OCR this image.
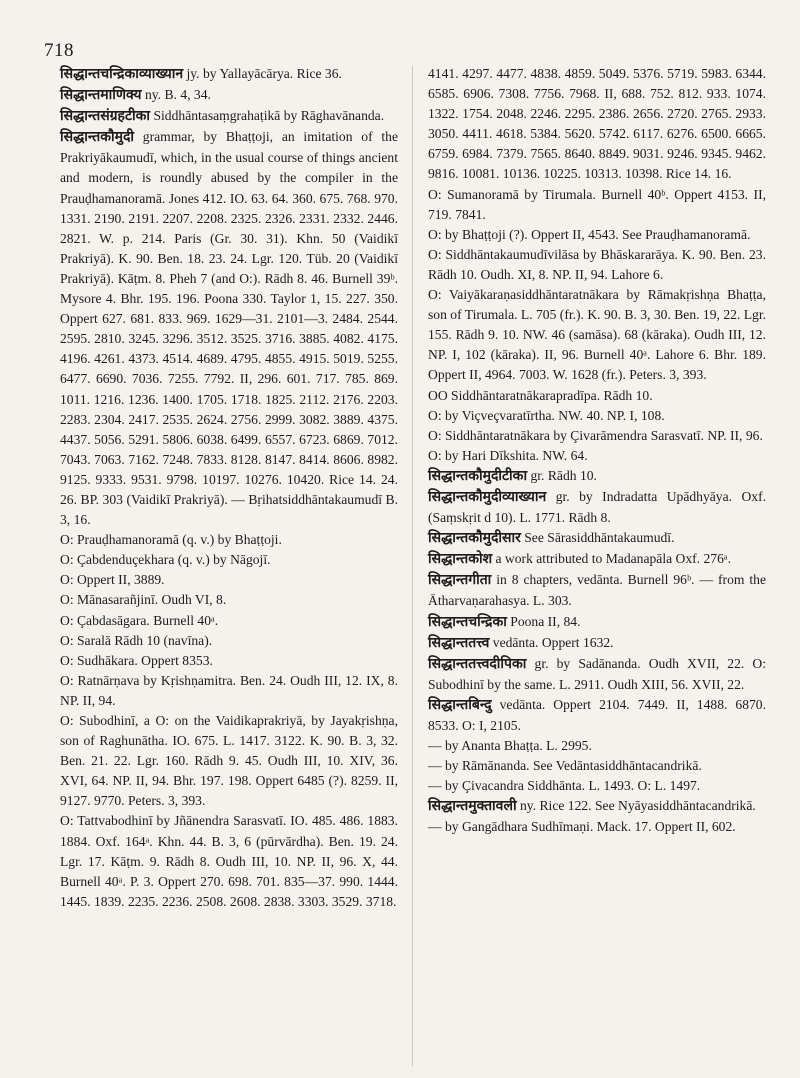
718

सिद्धान्तचन्द्रिकाव्याख्यान jy. by Yallayācārya. Rice 36.

सिद्धान्तमाणिक्य ny. B. 4, 34.

सिद्धान्तसंग्रहटीका Siddhāntasaṃgrahaṭikā by Rāghavānanda.

सिद्धान्तकौमुदी grammar, by Bhaṭṭoji, an imitation of the Prakriyākaumudī, which, in the usual course of things ancient and modern, is roundly abused by the compiler in the Prauḍhamanoramā. Jones 412. IO. 63. 64. 360. 675. 768. 970. 1331. 2190. 2191. 2207. 2208. 2325. 2326. 2331. 2332. 2446. 2821. W. p. 214. Paris (Gr. 30. 31). Khn. 50 (Vaidikī Prakriyā). K. 90. Ben. 18. 23. 24. Lgr. 120. Tüb. 20 (Vaidikī Prakriyā). Kāṭm. 8. Pheh 7 (and O:). Rādh 8. 46. Burnell 39ᵇ. Mysore 4. Bhr. 195. 196. Poona 330. Taylor 1, 15. 227. 350. Oppert 627. 681. 833. 969. 1629—31. 2101—3. 2484. 2544. 2595. 2810. 3245. 3296. 3512. 3525. 3716. 3885. 4082. 4175. 4196. 4261. 4373. 4514. 4689. 4795. 4855. 4915. 5019. 5255. 6477. 6690. 7036. 7255. 7792. II, 296. 601. 717. 785. 869. 1011. 1216. 1236. 1400. 1705. 1718. 1825. 2112. 2176. 2203. 2283. 2304. 2417. 2535. 2624. 2756. 2999. 3082. 3889. 4375. 4437. 5056. 5291. 5806. 6038. 6499. 6557. 6723. 6869. 7012. 7043. 7063. 7162. 7248. 7833. 8128. 8147. 8414. 8606. 8982. 9125. 9333. 9531. 9798. 10197. 10276. 10420. Rice 14. 24. 26. BP. 303 (Vaidikī Prakriyā). — Bṛihatsiddhāntakaumudī B. 3, 16.

O: Prauḍhamanoramā (q. v.) by Bhaṭṭoji.

O: Çabdenduçekhara (q. v.) by Nāgojī.

O: Oppert II, 3889.

O: Mānasarañjinī. Oudh VI, 8.

O: Çabdasāgara. Burnell 40ᵃ.

O: Saralā Rādh 10 (navīna).

O: Sudhākara. Oppert 8353.

O: Ratnārṇava by Kṛishṇamitra. Ben. 24. Oudh III, 12. IX, 8. NP. II, 94.

O: Subodhinī, a O: on the Vaidikaprakriyā, by Jayakṛishṇa, son of Raghunātha. IO. 675. L. 1417. 3122. K. 90. B. 3, 32. Ben. 21. 22. Lgr. 160. Rādh 9. 45. Oudh III, 10. XIV, 36. XVI, 64. NP. II, 94. Bhr. 197. 198. Oppert 6485 (?). 8259. II, 9127. 9770. Peters. 3, 393.

O: Tattvabodhinī by Jñānendra Sarasvatī. IO. 485. 486. 1883. 1884. Oxf. 164ᵃ. Khn. 44. B. 3, 6 (pūrvārdha). Ben. 19. 24. Lgr. 17. Kāṭm. 9. Rādh 8. Oudh III, 10. NP. II, 96. X, 44. Burnell 40ᵃ. P. 3. Oppert 270. 698. 701. 835—37. 990. 1444. 1445. 1839. 2235. 2236. 2508. 2608. 2838. 3303. 3529. 3718.

4141. 4297. 4477. 4838. 4859. 5049. 5376. 5719. 5983. 6344. 6585. 6906. 7308. 7756. 7968. II, 688. 752. 812. 933. 1074. 1322. 1754. 2048. 2246. 2295. 2386. 2656. 2720. 2765. 2933. 3050. 4411. 4618. 5384. 5620. 5742. 6117. 6276. 6500. 6665. 6759. 6984. 7379. 7565. 8640. 8849. 9031. 9246. 9345. 9462. 9816. 10081. 10136. 10225. 10313. 10398. Rice 14. 16.

O: Sumanoramā by Tirumala. Burnell 40ᵇ. Oppert 4153. II, 719. 7841.

O: by Bhaṭṭoji (?). Oppert II, 4543. See Prauḍhamanoramā.

O: Siddhāntakaumudīvilāsa by Bhāskararāya. K. 90. Ben. 23. Rādh 10. Oudh. XI, 8. NP. II, 94. Lahore 6.

O: Vaiyākaraṇasiddhāntaratnākara by Rāmakṛishṇa Bhaṭṭa, son of Tirumala. L. 705 (fr.). K. 90. B. 3, 30. Ben. 19, 22. Lgr. 155. Rādh 9. 10. NW. 46 (samāsa). 68 (kāraka). Oudh III, 12. NP. I, 102 (kāraka). II, 96. Burnell 40ᵃ. Lahore 6. Bhr. 189. Oppert II, 4964. 7003. W. 1628 (fr.). Peters. 3, 393.

OO Siddhāntaratnākarapradīpa. Rādh 10.

O: by Viçveçvaratīrtha. NW. 40. NP. I, 108.

O: Siddhāntaratnākara by Çivarāmendra Sarasvatī. NP. II, 96.

O: by Hari Dīkshita. NW. 64.

सिद्धान्तकौमुदीटीका gr. Rādh 10.

सिद्धान्तकौमुदीव्याख्यान gr. by Indradatta Upādhyāya. Oxf. (Saṃskṛit d 10). L. 1771. Rādh 8.

सिद्धान्तकौमुदीसार See Sārasiddhāntakaumudī.

सिद्धान्तकोश a work attributed to Madanapāla Oxf. 276ᵃ.

सिद्धान्तगीता in 8 chapters, vedānta. Burnell 96ᵇ. — from the Ātharvaṇarahasya. L. 303.

सिद्धान्तचन्द्रिका Poona II, 84.

सिद्धान्ततत्त्व vedānta. Oppert 1632.

सिद्धान्ततत्त्वदीपिका gr. by Sadānanda. Oudh XVII, 22. O: Subodhinī by the same. L. 2911. Oudh XIII, 56. XVII, 22.

सिद्धान्तबिन्दु vedānta. Oppert 2104. 7449. II, 1488. 6870. 8533. O: I, 2105.

— by Ananta Bhaṭṭa. L. 2995.

— by Rāmānanda. See Vedāntasiddhāntacandrikā.

— by Çivacandra Siddhānta. L. 1493. O: L. 1497.

सिद्धान्तमुक्तावली ny. Rice 122. See Nyāyasiddhāntacandrikā.

— by Gangādhara Sudhīmaṇi. Mack. 17. Oppert II, 602.
